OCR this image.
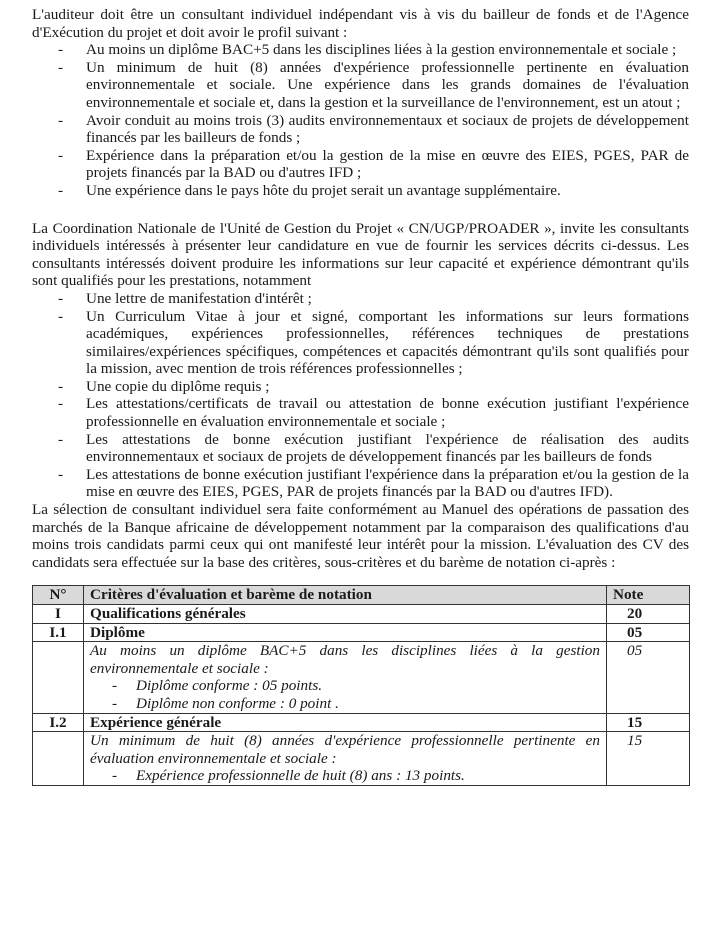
L'auditeur doit être un consultant individuel indépendant vis à vis du bailleur de fonds et de l'Agence d'Exécution du projet et doit avoir le profil suivant :

- Au moins un diplôme BAC+5 dans les disciplines liées à la gestion environnementale et sociale ;
- Un minimum de huit (8) années d'expérience professionnelle pertinente en évaluation environnementale et sociale. Une expérience dans les grands domaines de l'évaluation environnementale et sociale et, dans la gestion et la surveillance de l'environnement, est un atout ;
- Avoir conduit au moins trois (3) audits environnementaux et sociaux de projets de développement financés par les bailleurs de fonds ;
- Expérience dans la préparation et/ou la gestion de la mise en œuvre des EIES, PGES, PAR de projets financés par la BAD ou d'autres IFD ;
- Une expérience dans le pays hôte du projet serait un avantage supplémentaire.

La Coordination Nationale de l'Unité de Gestion du Projet « CN/UGP/PROADER », invite les consultants individuels intéressés à présenter leur candidature en vue de fournir les services décrits ci-dessus. Les consultants intéressés doivent produire les informations sur leur capacité et expérience démontrant qu'ils sont qualifiés pour les prestations, notamment

- Une lettre de manifestation d'intérêt ;
- Un Curriculum Vitae à jour et signé, comportant les informations sur leurs formations académiques, expériences professionnelles, références techniques de prestations similaires/expériences spécifiques, compétences et capacités démontrant qu'ils sont qualifiés pour la mission, avec mention de trois références professionnelles ;
- Une copie du diplôme requis ;
- Les attestations/certificats de travail ou attestation de bonne exécution justifiant l'expérience professionnelle en évaluation environnementale et sociale ;
- Les attestations de bonne exécution justifiant l'expérience de réalisation des audits environnementaux et sociaux de projets de développement financés par les bailleurs de fonds
- Les attestations de bonne exécution justifiant l'expérience dans la préparation et/ou la gestion de la mise en œuvre des EIES, PGES, PAR de projets financés par la BAD ou d'autres IFD).

La sélection de consultant individuel sera faite conformément au Manuel des opérations de passation des marchés de la Banque africaine de développement notamment par la comparaison des qualifications d'au moins trois candidats parmi ceux qui ont manifesté leur intérêt pour la mission. L'évaluation des CV des candidats sera effectuée sur la base des critères, sous-critères et du barème de notation ci-après :

N°	Critères d'évaluation et barème de notation	Note
I	Qualifications générales	20
I.1	Diplôme	05

	Au moins un diplôme BAC+5 dans les disciplines liées à la gestion environnementale et sociale :
- Diplôme conforme : 05 points.
- Diplôme non conforme : 0 point .	05
I.2	Expérience générale	15

	Un minimum de huit (8) années d'expérience professionnelle pertinente en évaluation environnementale et sociale :
- Expérience professionnelle de huit (8) ans : 13 points.	15
